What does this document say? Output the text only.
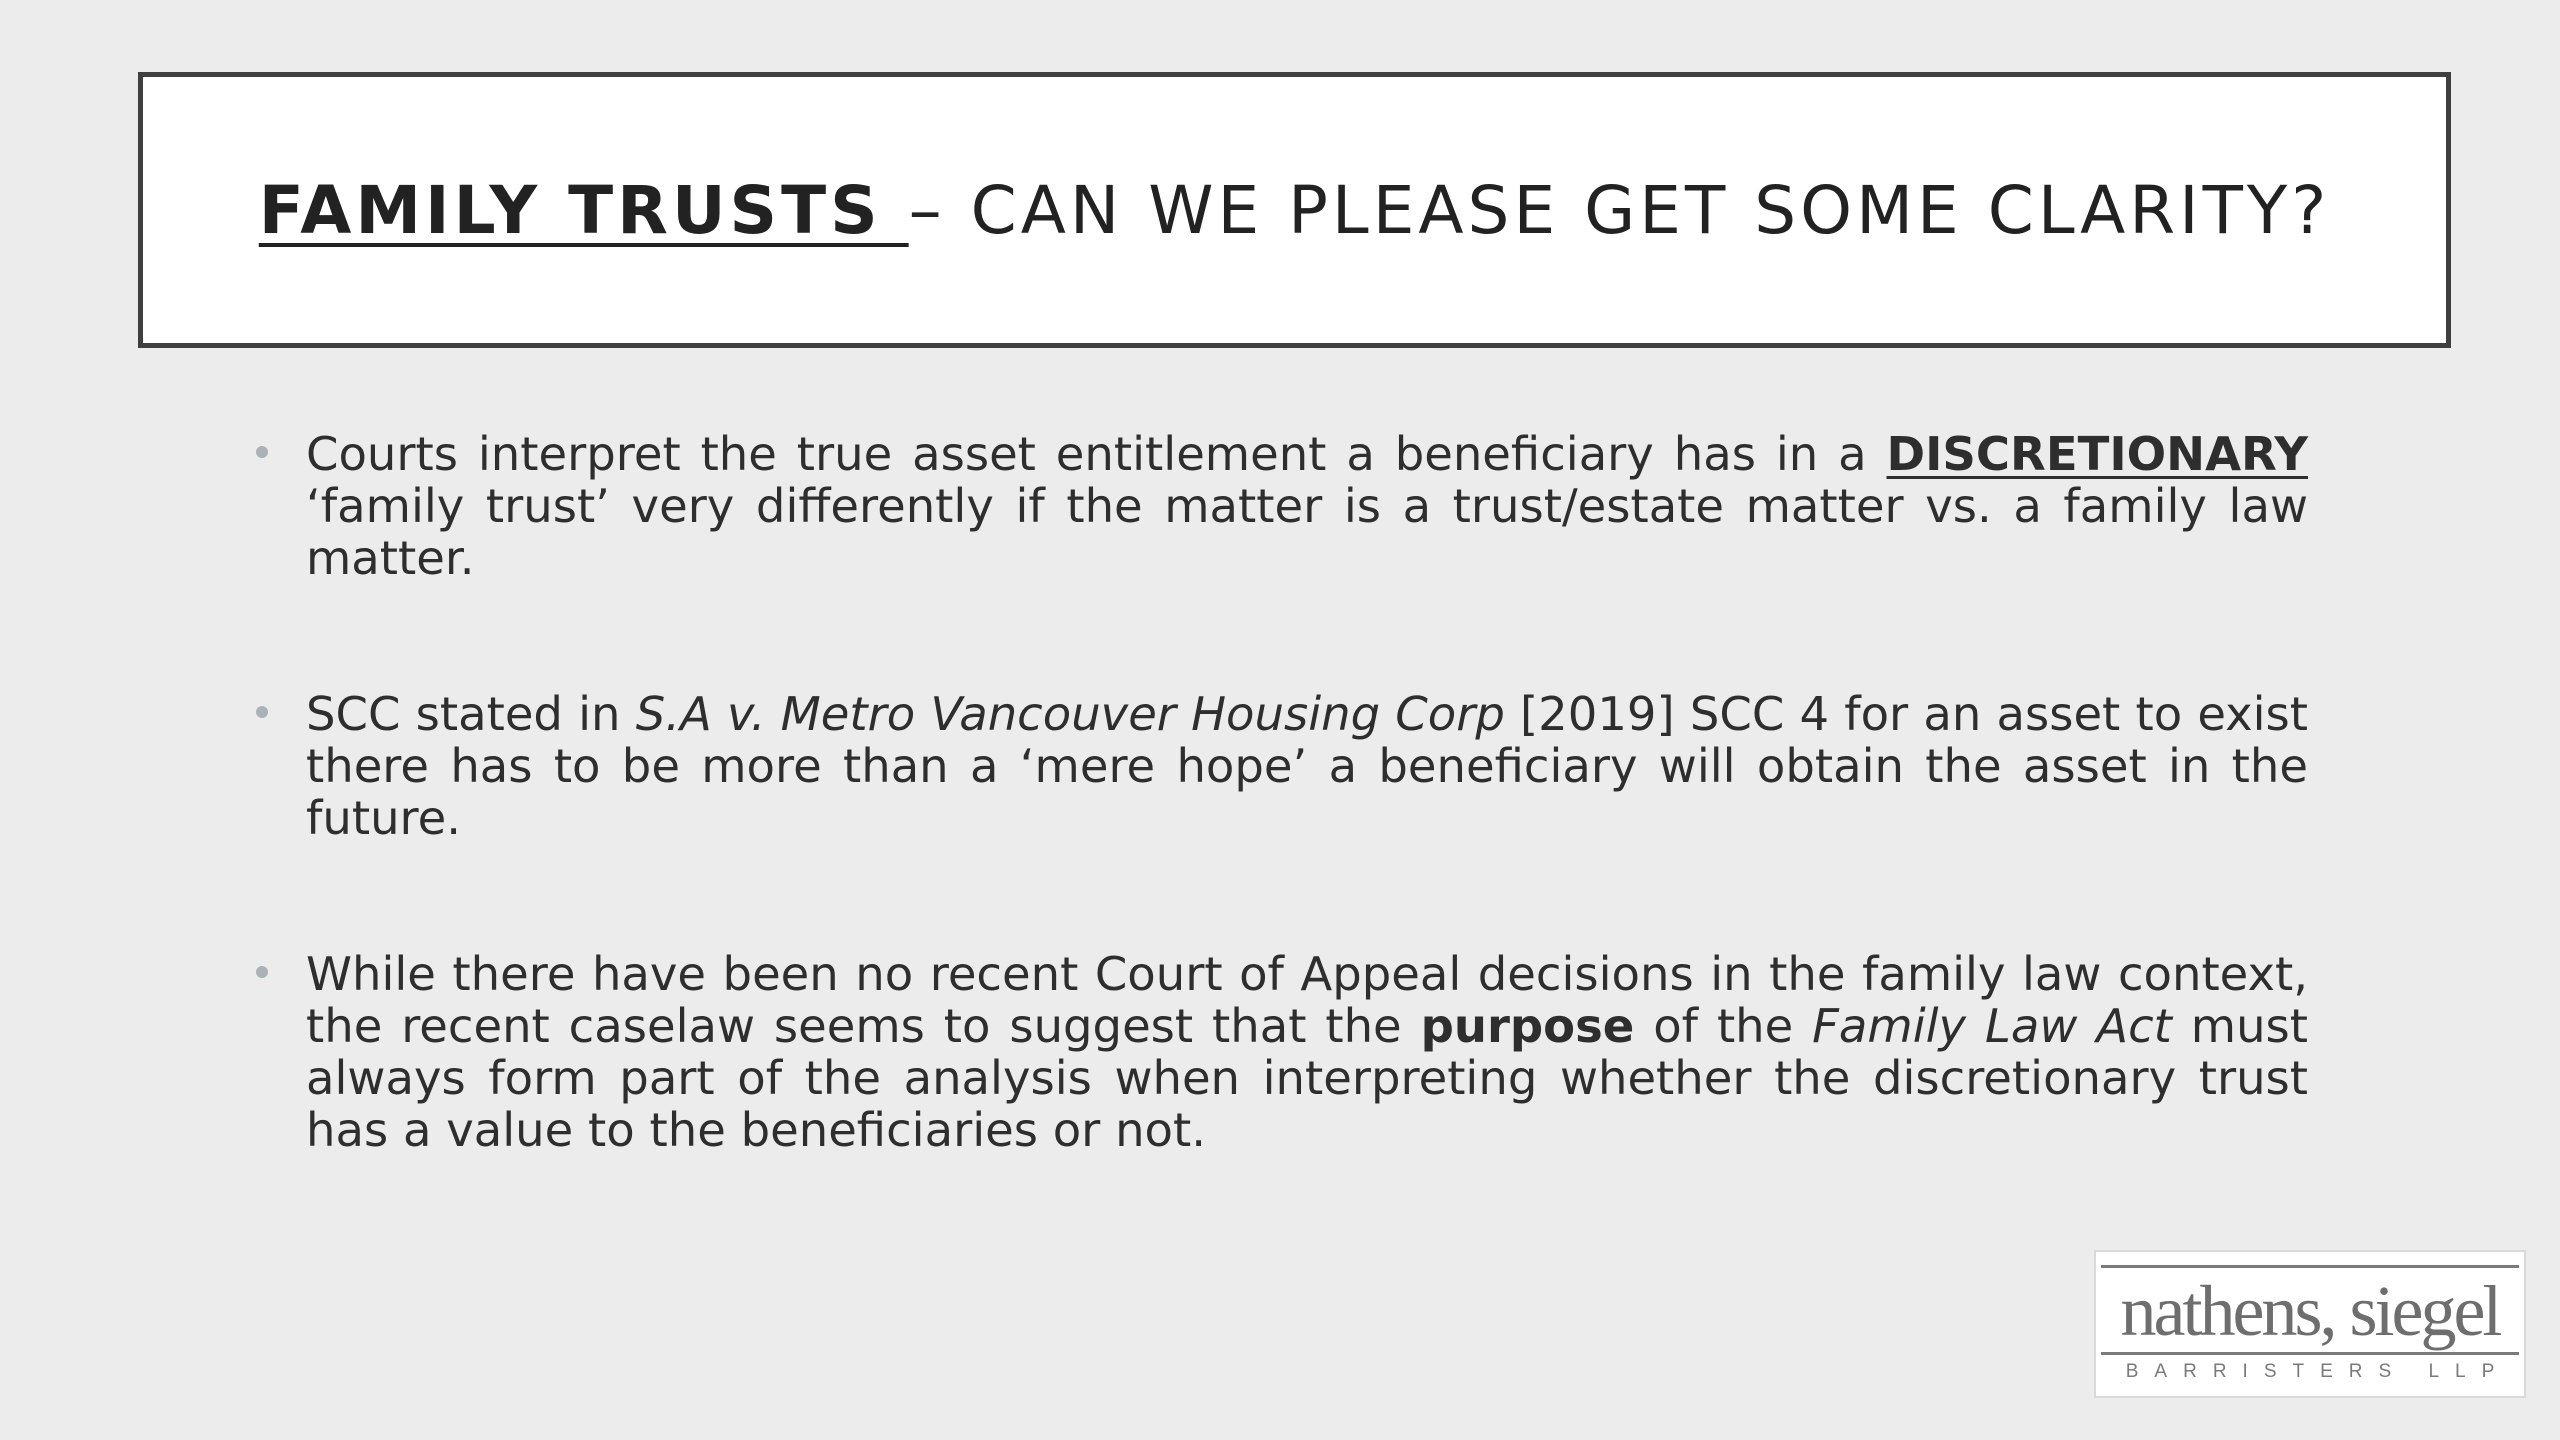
FAMILY TRUSTS – CAN WE PLEASE GET SOME CLARITY?
Courts interpret the true asset entitlement a beneficiary has in a DISCRETIONARY ‘family trust’ very differently if the matter is a trust/estate matter vs. a family law matter.
SCC stated in S.A v. Metro Vancouver Housing Corp [2019] SCC 4 for an asset to exist there has to be more than a ‘mere hope’ a beneficiary will obtain the asset in the future.
While there have been no recent Court of Appeal decisions in the family law context, the recent caselaw seems to suggest that the purpose of the Family Law Act must always form part of the analysis when interpreting whether the discretionary trust has a value to the beneficiaries or not.
nathens, siegel
BARRISTERS LLP
